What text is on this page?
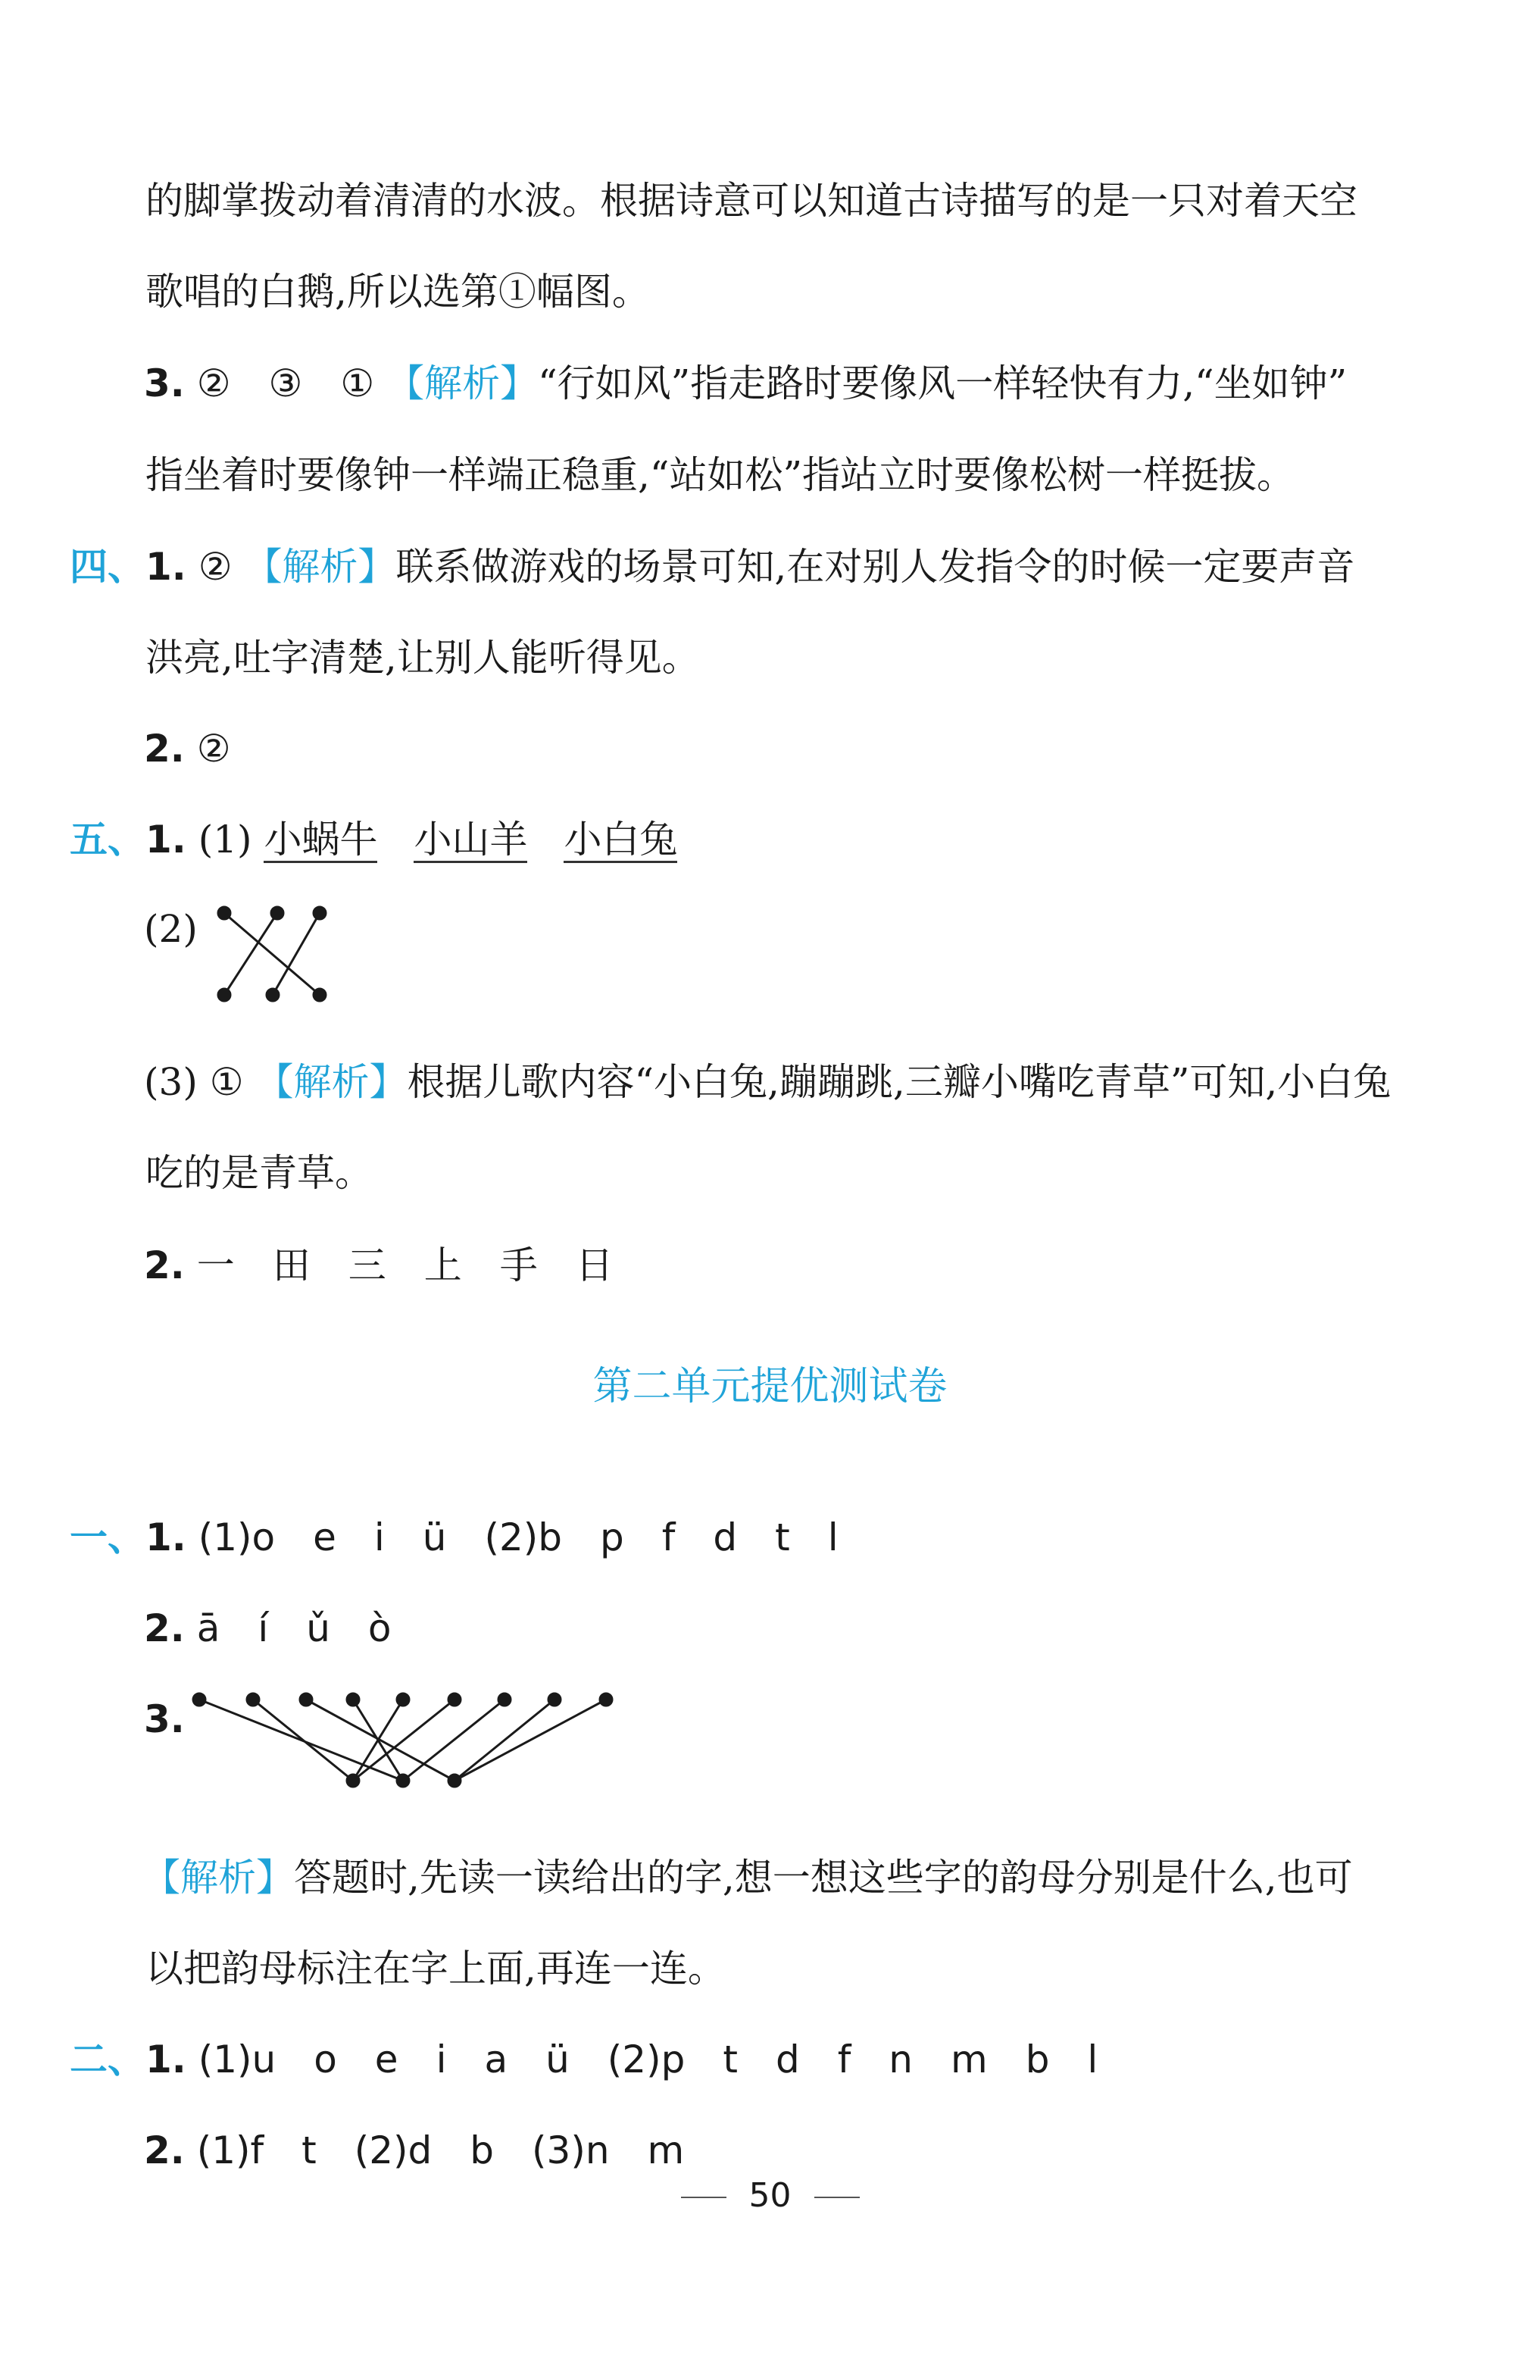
的脚掌拨动着清清的水波。根据诗意可以知道古诗描写的是一只对着天空
歌唱的白鹅,所以选第①幅图。
3. ②　③　① 【解析】“行如风”指走路时要像风一样轻快有力,“坐如钟”
指坐着时要像钟一样端正稳重,“站如松”指站立时要像松树一样挺拔。
四、1. ② 【解析】联系做游戏的场景可知,在对别人发指令的时候一定要声音
洪亮,吐字清楚,让别人能听得见。
2. ②
五、1. (1) 小蜗牛 小山羊 小白兔
(2)
(3) ① 【解析】根据儿歌内容“小白兔,蹦蹦跳,三瓣小嘴吃青草”可知,小白兔
吃的是青草。
2. 一　田　三　上　手　日
第二单元提优测试卷
一、1. (1)o　e　i　ü　(2)b　p　f　d　t　l
2. ā　í　ǔ　ò
3.
【解析】答题时,先读一读给出的字,想一想这些字的韵母分别是什么,也可
以把韵母标注在字上面,再连一连。
二、1. (1)u　o　e　i　a　ü　(2)p　t　d　f　n　m　b　l
2. (1)f　t　(2)d　b　(3)n　m
50
